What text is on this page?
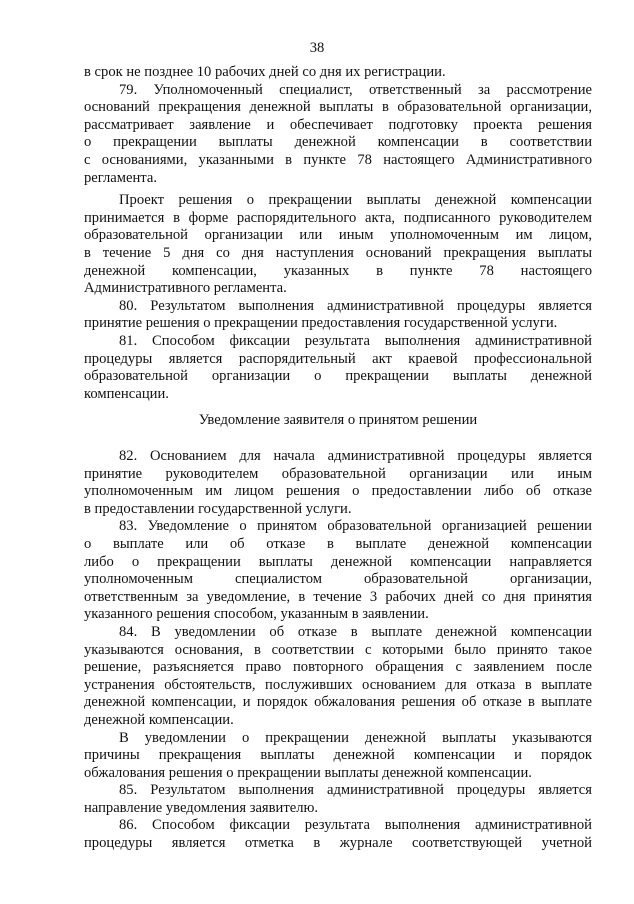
38
в срок не позднее 10 рабочих дней со дня их регистрации.
79. Уполномоченный специалист, ответственный за рассмотрение
оснований прекращения денежной выплаты в образовательной организации,
рассматривает заявление и обеспечивает подготовку проекта решения
о прекращении выплаты денежной компенсации в соответствии
с основаниями, указанными в пункте 78 настоящего Административного
регламента.
Проект решения о прекращении выплаты денежной компенсации
принимается в форме распорядительного акта, подписанного руководителем
образовательной организации или иным уполномоченным им лицом,
в течение 5 дня со дня наступления оснований прекращения выплаты
денежной компенсации, указанных в пункте 78 настоящего
Административного регламента.
80. Результатом выполнения административной процедуры является
принятие решения о прекращении предоставления государственной услуги.
81. Способом фиксации результата выполнения административной
процедуры является распорядительный акт краевой профессиональной
образовательной организации о прекращении выплаты денежной
компенсации.
Уведомление заявителя о принятом решении
82. Основанием для начала административной процедуры является
принятие руководителем образовательной организации или иным
уполномоченным им лицом решения о предоставлении либо об отказе
в предоставлении государственной услуги.
83. Уведомление о принятом образовательной организацией решении
о выплате или об отказе в выплате денежной компенсации
либо о прекращении выплаты денежной компенсации направляется
уполномоченным специалистом образовательной организации,
ответственным за уведомление, в течение 3 рабочих дней со дня принятия
указанного решения способом, указанным в заявлении.
84. В уведомлении об отказе в выплате денежной компенсации
указываются основания, в соответствии с которыми было принято такое
решение, разъясняется право повторного обращения с заявлением после
устранения обстоятельств, послуживших основанием для отказа в выплате
денежной компенсации, и порядок обжалования решения об отказе в выплате
денежной компенсации.
В уведомлении о прекращении денежной выплаты указываются
причины прекращения выплаты денежной компенсации и порядок
обжалования решения о прекращении выплаты денежной компенсации.
85. Результатом выполнения административной процедуры является
направление уведомления заявителю.
86. Способом фиксации результата выполнения административной
процедуры является отметка в журнале соответствующей учетной
